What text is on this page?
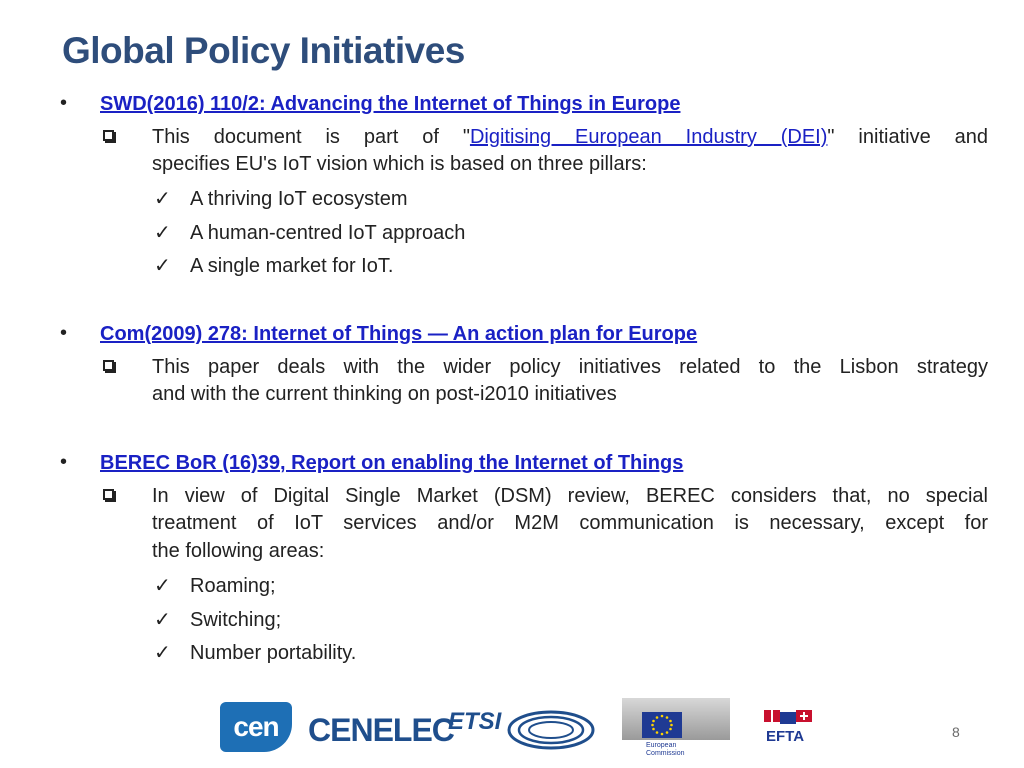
Global Policy Initiatives
• SWD(2016) 110/2: Advancing the Internet of Things in Europe
This document is part of "Digitising European Industry (DEI)" initiative and
specifies EU's IoT vision which is based on three pillars:
✓ A thriving IoT ecosystem
✓ A human-centred IoT approach
✓ A single market for IoT.
• Com(2009) 278: Internet of Things — An action plan for Europe
This paper deals with the wider policy initiatives related to the Lisbon strategy
and with the current thinking on post-i2010 initiatives
• BEREC BoR (16)39, Report on enabling the Internet of Things
In view of Digital Single Market (DSM) review, BEREC considers that, no special
treatment of IoT services and/or M2M communication is necessary, except for
the following areas:
✓ Roaming;
✓ Switching;
✓ Number portability.
cen CENELEC
ETSI
European
Commission
EFTA	8
